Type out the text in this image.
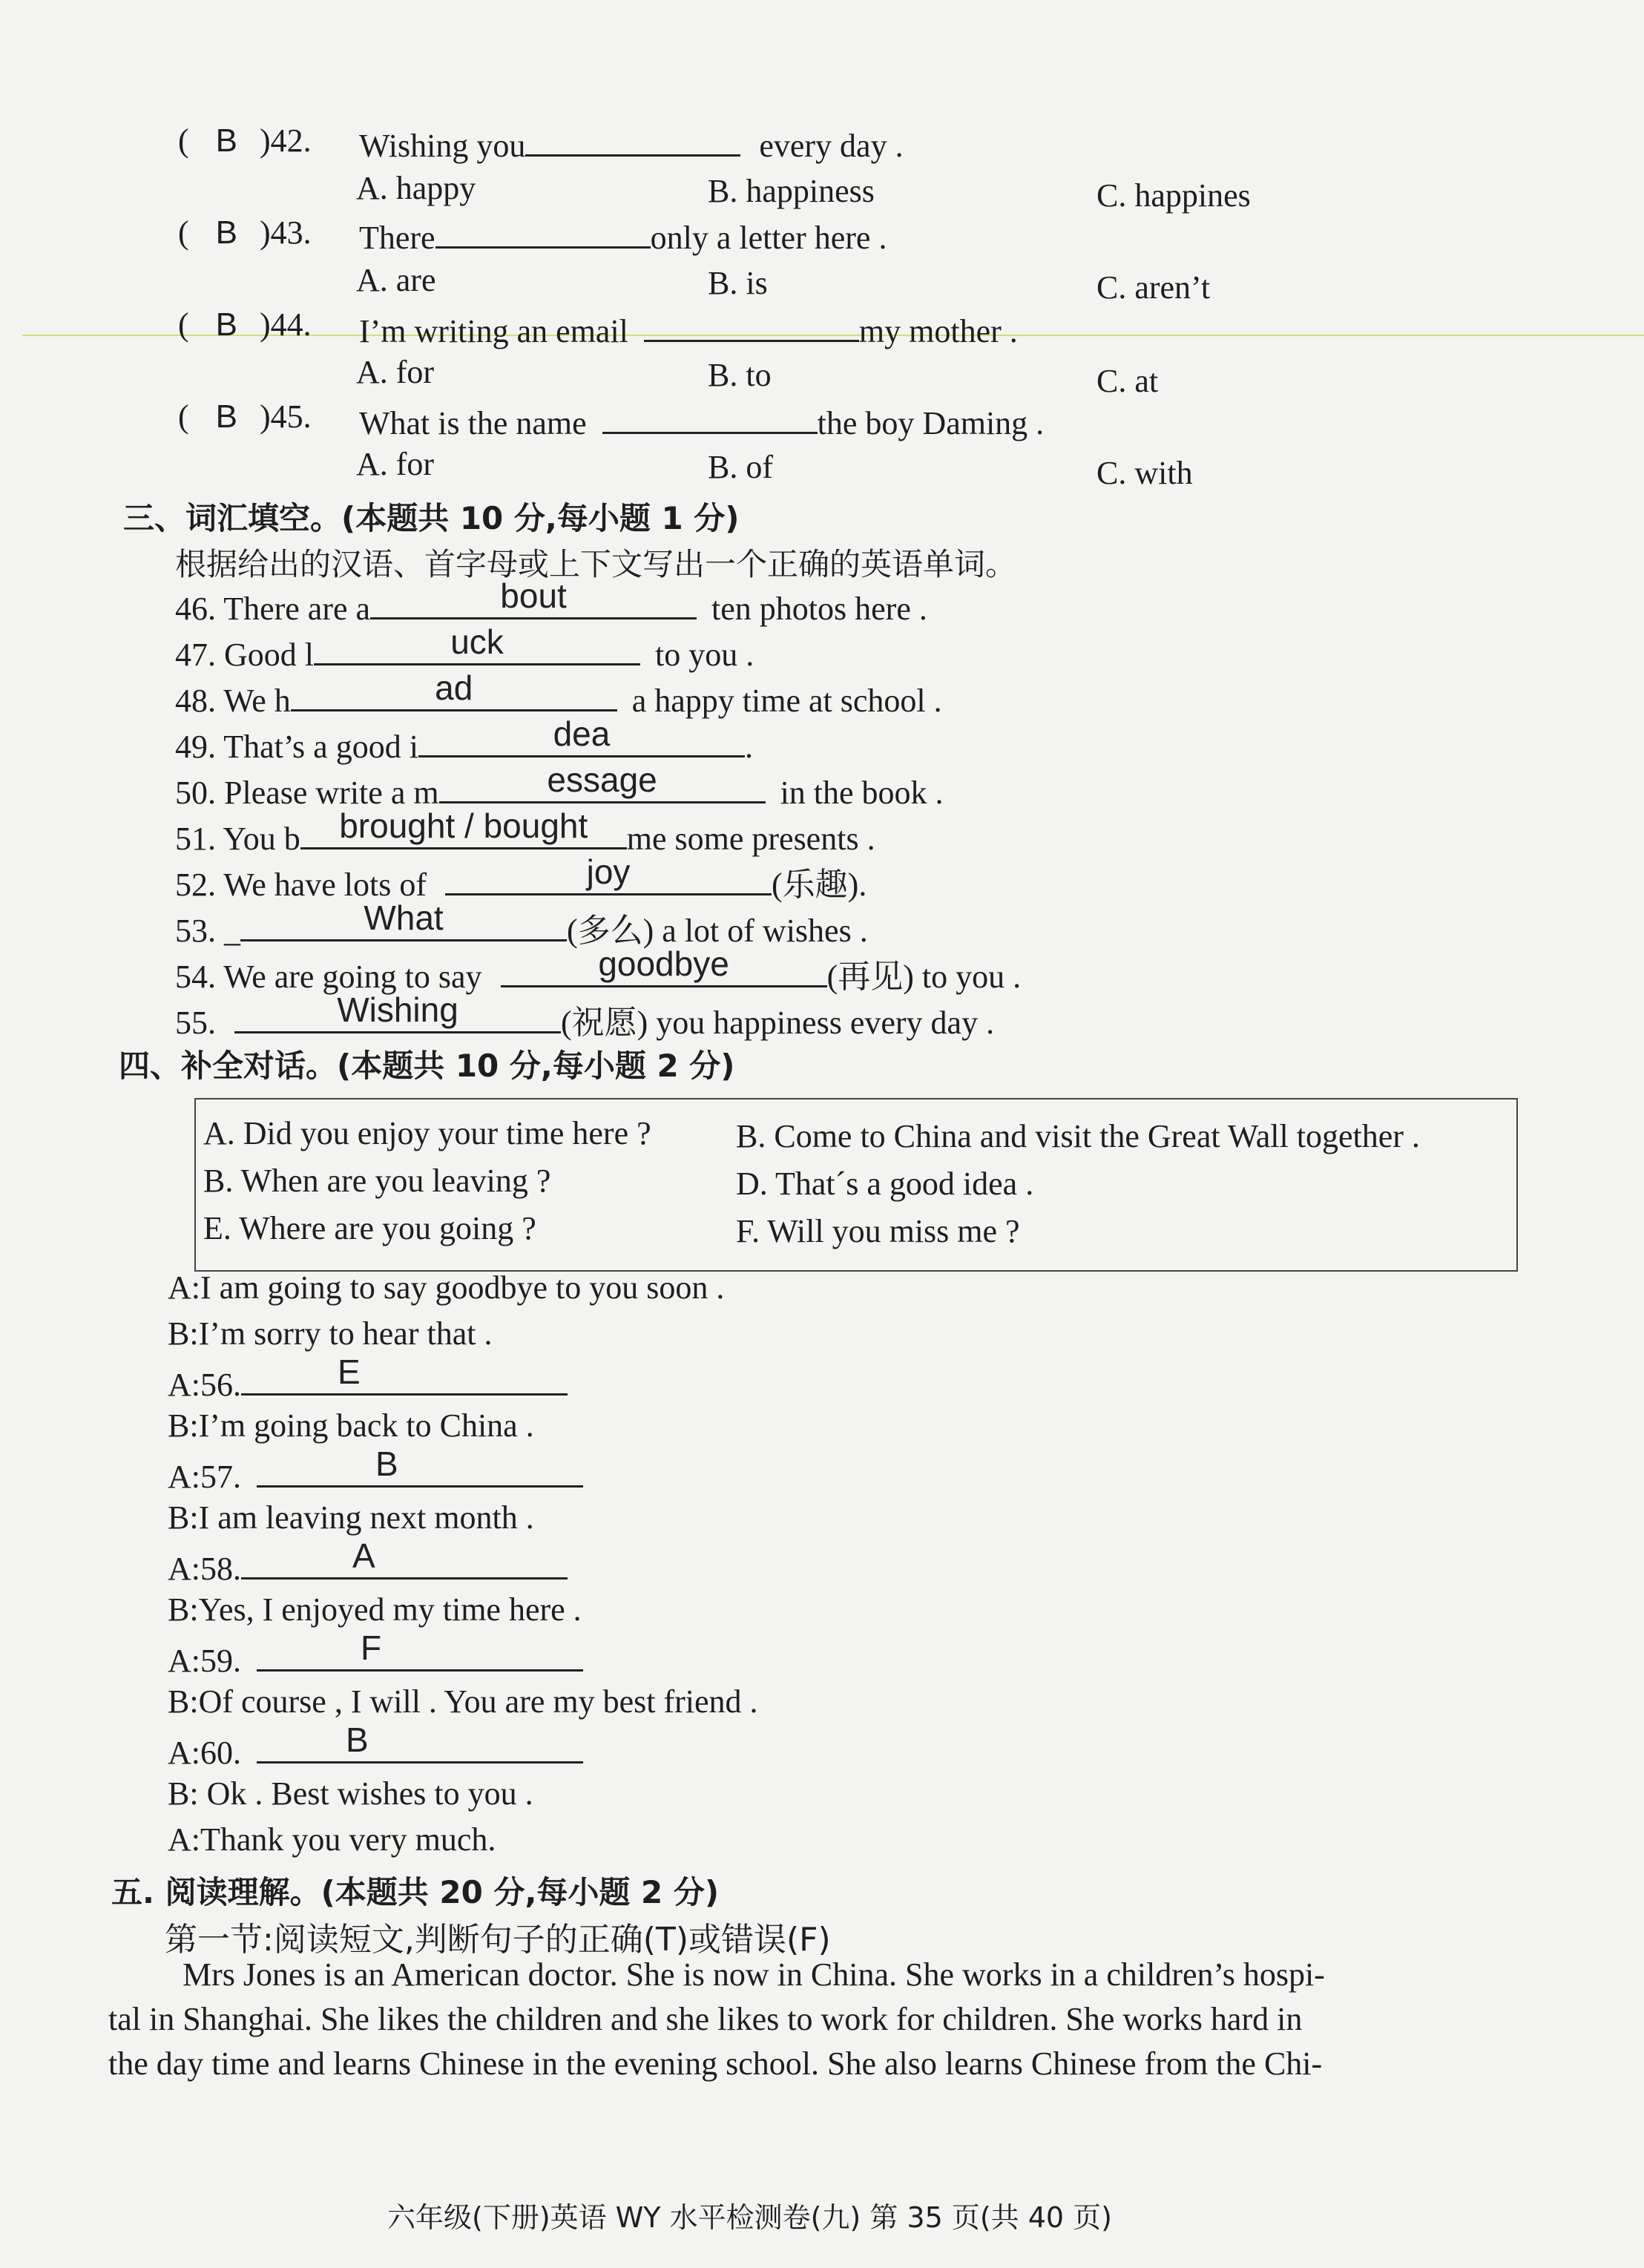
( B )42. Wishing you	every day .
A. happy	B. happiness	C. happines
( B )43. There	only a letter here .
A. are	B. is	C. aren’t
( B )44. I’m writing an email	my mother .
A. for	B. to	C. at
( B )45. What is the name	the boy Daming .
A. for	B. of	C. with
三、词汇填空。(本题共 10 分,每小题 1 分)
根据给出的汉语、首字母或上下文写出一个正确的英语单词。
46. There are a	bout	ten photos here .
47. Good l	uck	to you .
48. We h	ad	a happy time at school .
49. That’s a good i	dea	.
50. Please write a m	essage	in the book .
51. You b	brought / bought	me some presents .
52. We have lots of	joy	(乐趣).
53. _	What	(多么) a lot of wishes .
54. We are going to say	goodbye	(再见) to you .
55.	Wishing	(祝愿) you happiness every day .
四、补全对话。(本题共 10 分,每小题 2 分)
A. Did you enjoy your time here ?	B. Come to China and visit the Great Wall together .
B. When are you leaving ?	D. That´s a good idea .
E. Where are you going ?	F. Will you miss me ?
A:I am going to say goodbye to you soon .
B:I’m sorry to hear that .
A:56.	E
B:I’m going back to China .
A:57.	B
B:I am leaving next month .
A:58.	A
B:Yes, I enjoyed my time here .
A:59.	F
B:Of course , I will . You are my best friend .
A:60.	B
B: Ok . Best wishes to you .
A:Thank you very much.
五. 阅读理解。(本题共 20 分,每小题 2 分)
第一节:阅读短文,判断句子的正确(T)或错误(F)
Mrs Jones is an American doctor. She is now in China. She works in a children’s hospi-
tal in Shanghai. She likes the children and she likes to work for children. She works hard in
the day time and learns Chinese in the evening school. She also learns Chinese from the Chi-
六年级(下册)英语 WY 水平检测卷(九) 第 35 页(共 40 页)
